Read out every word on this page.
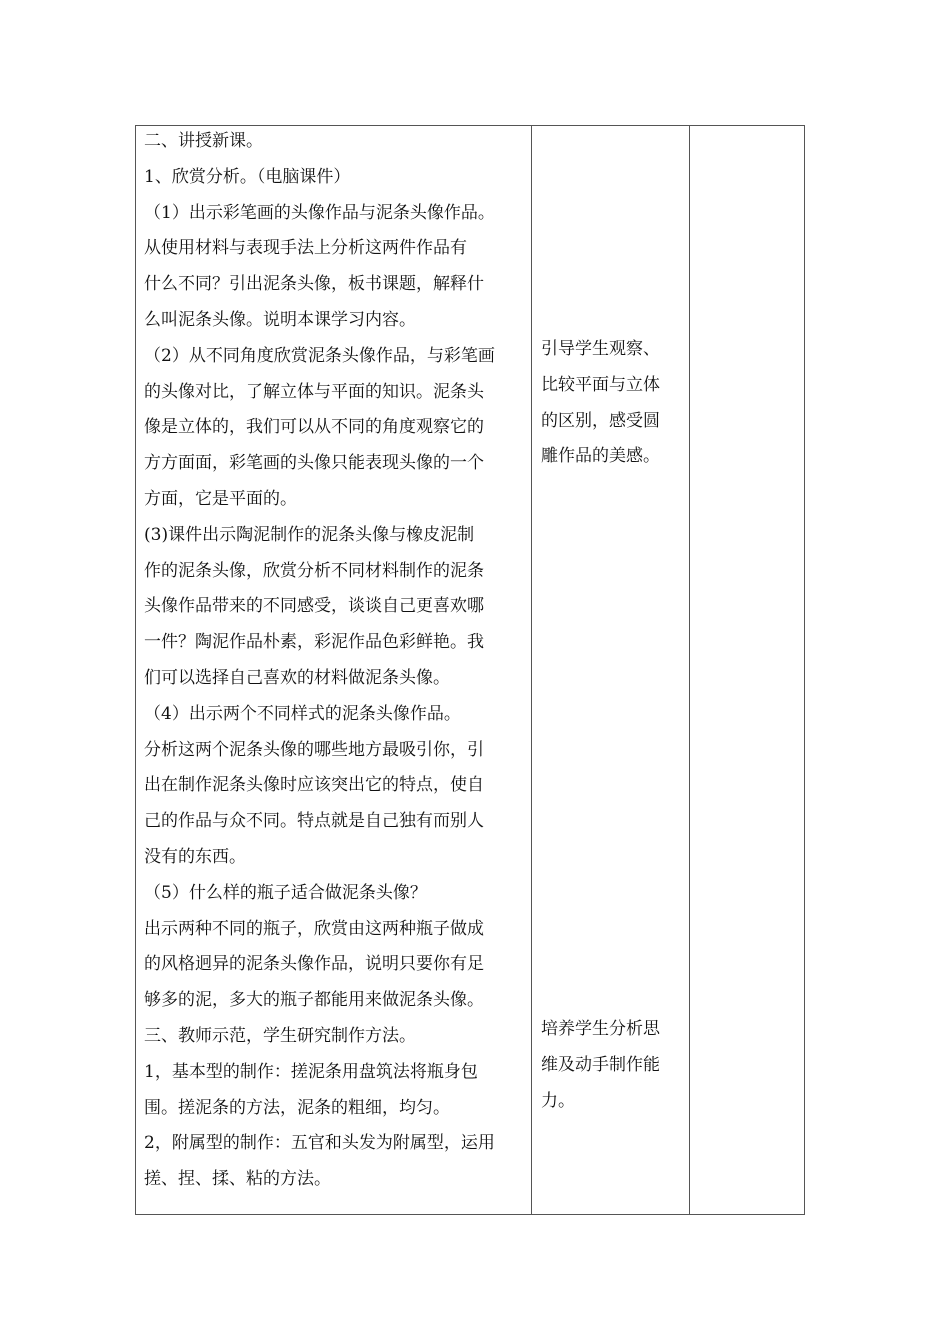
二、讲授新课。
1、欣赏分析。（电脑课件）
（1）出示彩笔画的头像作品与泥条头像作品。
从使用材料与表现手法上分析这两件作品有
什么不同？引出泥条头像，板书课题，解释什
么叫泥条头像。说明本课学习内容。
（2）从不同角度欣赏泥条头像作品，与彩笔画
的头像对比，了解立体与平面的知识。泥条头
像是立体的，我们可以从不同的角度观察它的
方方面面，彩笔画的头像只能表现头像的一个
方面，它是平面的。
(3)课件出示陶泥制作的泥条头像与橡皮泥制
作的泥条头像，欣赏分析不同材料制作的泥条
头像作品带来的不同感受，谈谈自己更喜欢哪
一件？陶泥作品朴素，彩泥作品色彩鲜艳。我
们可以选择自己喜欢的材料做泥条头像。
（4）出示两个不同样式的泥条头像作品。
分析这两个泥条头像的哪些地方最吸引你，引
出在制作泥条头像时应该突出它的特点，使自
己的作品与众不同。特点就是自己独有而别人
没有的东西。
（5）什么样的瓶子适合做泥条头像？
出示两种不同的瓶子，欣赏由这两种瓶子做成
的风格迥异的泥条头像作品，说明只要你有足
够多的泥，多大的瓶子都能用来做泥条头像。
三、教师示范，学生研究制作方法。
1，基本型的制作：搓泥条用盘筑法将瓶身包
围。搓泥条的方法，泥条的粗细，均匀。
2，附属型的制作：五官和头发为附属型，运用
搓、捏、揉、粘的方法。
引导学生观察、
比较平面与立体
的区别，感受圆
雕作品的美感。
培养学生分析思
维及动手制作能
力。
